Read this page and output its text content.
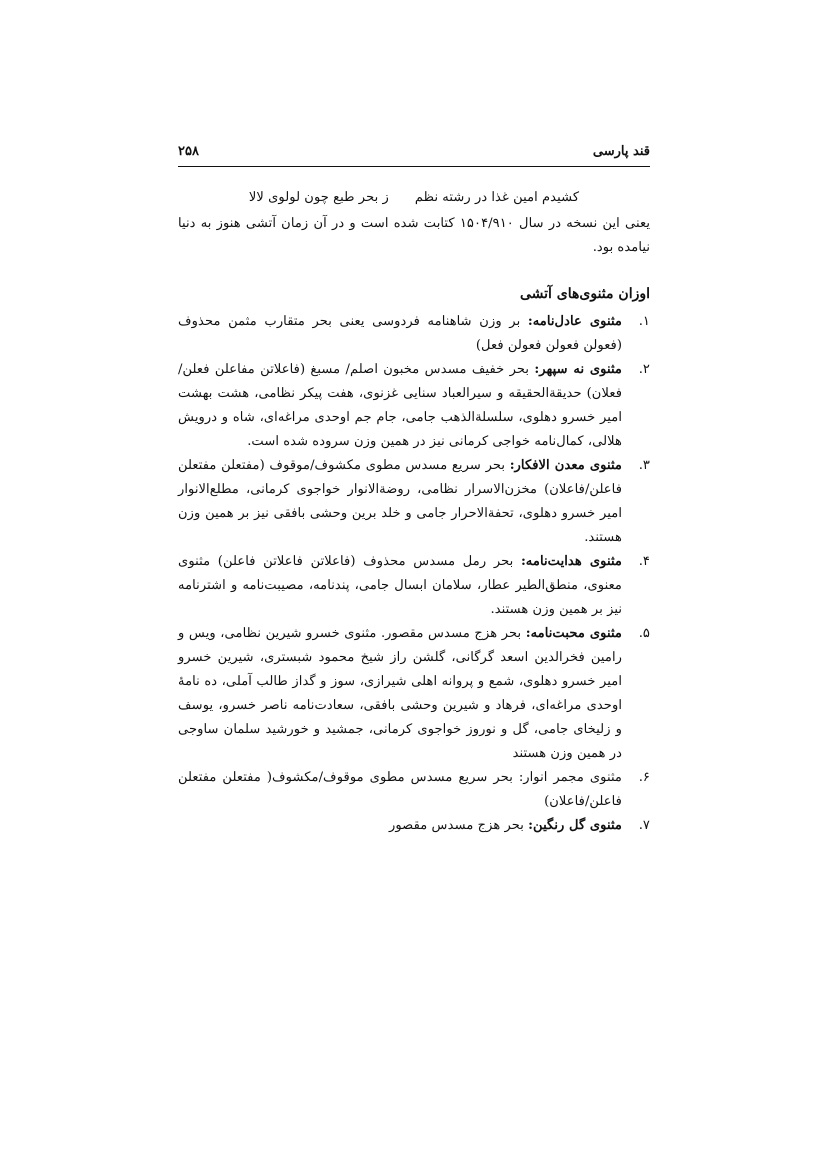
قند پارسی
۲۵۸
کشیدم امین غذا در رشته نظم
ز بحر طبع چون لولوی لالا

یعنی این نسخه در سال ۱۵۰۴/۹۱۰ کتابت شده است و در آن زمان آتشی هنوز به دنیا نیامده بود.

اوزان مثنوی‌های آتشی
۱.
مثنوی عادل‌نامه: بر وزن شاهنامه فردوسی یعنی بحر متقارب مثمن محذوف (فعولن فعولن فعولن فعل)
۲.
مثنوی نه سپهر: بحر خفیف مسدس مخبون اصلم/ مسبغ (فاعلاتن مفاعلن فعلن/ فعلان) حدیقةالحقیقه و سیرالعباد سنایی غزنوی، هفت پیکر نظامی، هشت بهشت امیر خسرو دهلوی، سلسلةالذهب جامی، جام جم اوحدی مراغه‌ای، شاه و درویش هلالی، کمال‌نامه خواجی کرمانی نیز در همین وزن سروده شده است.
۳.
مثنوی معدن الافکار: بحر سریع مسدس مطوی مکشوف/موقوف (مفتعلن مفتعلن فاعلن/فاعلان) مخزن‌الاسرار نظامی، روضةالانوار خواجوی کرمانی، مطلع‌الانوار امیر خسرو دهلوی، تحفةالاحرار جامی و خلد برین وحشی بافقی نیز بر همین وزن هستند.
۴.
مثنوی هدایت‌نامه: بحر رمل مسدس محذوف (فاعلاتن فاعلاتن فاعلن) مثنوی معنوی، منطق‌الطیر عطار، سلامان ابسال جامی، پندنامه، مصیبت‌نامه و اشترنامه نیز بر همین وزن هستند.
۵.
مثنوی محبت‌نامه: بحر هزج مسدس مقصور. مثنوی خسرو شیرین نظامی، ویس و رامین فخرالدین اسعد گرگانی، گلشن راز شیخ محمود شبستری، شیرین خسرو امیر خسرو دهلوی، شمع و پروانه اهلی شیرازی، سوز و گداز طالب آملی، ده نامهٔ اوحدی مراغه‌ای، فرهاد و شیرین وحشی بافقی، سعادت‌نامه ناصر خسرو، یوسف و زلیخای جامی، گل و نوروز خواجوی کرمانی، جمشید و خورشید سلمان ساوجی در همین وزن هستند
۶.
مثنوی مجمر انوار: بحر سریع مسدس مطوی موقوف/مکشوف( مفتعلن مفتعلن فاعلن/فاعلان)
۷.
مثنوی گل رنگین: بحر هزج مسدس مقصور
